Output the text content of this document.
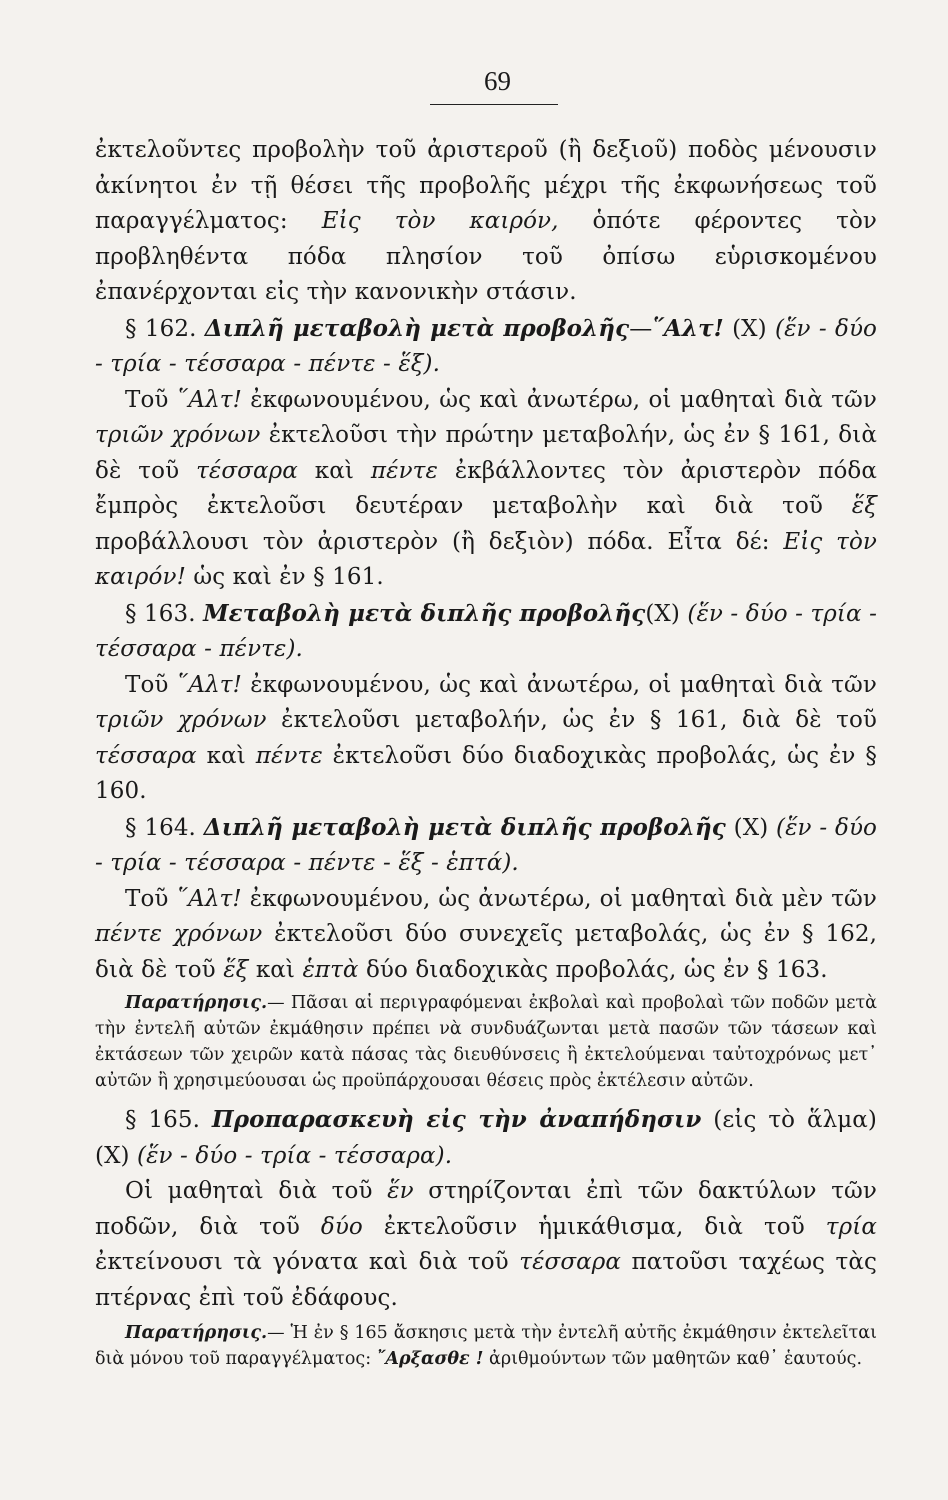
69

ἐκτελοῦντες προβολὴν τοῦ ἀριστεροῦ (ἢ δεξιοῦ) ποδὸς μένουσιν ἀκίνητοι ἐν τῇ θέσει τῆς προβολῆς μέχρι τῆς ἐκφωνήσεως τοῦ παραγγέλματος: Εἰς τὸν καιρόν, ὁπότε φέροντες τὸν προβληθέντα πόδα πλησίον τοῦ ὀπίσω εὑρισκομένου ἐπανέρχονται εἰς τὴν κανονικὴν στάσιν.

§ 162. Διπλῆ μεταβολὴ μετὰ προβολῆς—῞Αλτ! (X) (ἕν - δύο - τρία - τέσσαρα - πέντε - ἕξ).

Τοῦ ῞Αλτ! ἐκφωνουμένου, ὡς καὶ ἀνωτέρω, οἱ μαθηταὶ διὰ τῶν τριῶν χρόνων ἐκτελοῦσι τὴν πρώτην μεταβολήν, ὡς ἐν § 161, διὰ δὲ τοῦ τέσσαρα καὶ πέντε ἐκβάλλοντες τὸν ἀριστερὸν πόδα ἔμπρὸς ἐκτελοῦσι δευτέραν μεταβολὴν καὶ διὰ τοῦ ἕξ προβάλλουσι τὸν ἀριστερὸν (ἢ δεξιὸν) πόδα. Εἶτα δέ: Εἰς τὸν καιρόν! ὡς καὶ ἐν § 161.

§ 163. Μεταβολὴ μετὰ διπλῆς προβολῆς(X) (ἕν - δύο - τρία - τέσσαρα - πέντε).

Τοῦ ῞Αλτ! ἐκφωνουμένου, ὡς καὶ ἀνωτέρω, οἱ μαθηταὶ διὰ τῶν τριῶν χρόνων ἐκτελοῦσι μεταβολήν, ὡς ἐν § 161, διὰ δὲ τοῦ τέσσαρα καὶ πέντε ἐκτελοῦσι δύο διαδοχικὰς προβολάς, ὡς ἐν § 160.

§ 164. Διπλῆ μεταβολὴ μετὰ διπλῆς προβολῆς (X) (ἕν - δύο - τρία - τέσσαρα - πέντε - ἕξ - ἑπτά).

Τοῦ ῞Αλτ! ἐκφωνουμένου, ὡς ἀνωτέρω, οἱ μαθηταὶ διὰ μὲν τῶν πέντε χρόνων ἐκτελοῦσι δύο συνεχεῖς μεταβολάς, ὡς ἐν § 162, διὰ δὲ τοῦ ἕξ καὶ ἑπτὰ δύο διαδοχικὰς προβολάς, ὡς ἐν § 163.

Παρατήρησις.— Πᾶσαι αἱ περιγραφόμεναι ἐκβολαὶ καὶ προβολαὶ τῶν ποδῶν μετὰ τὴν ἐντελῆ αὐτῶν ἐκμάθησιν πρέπει νὰ συνδυάζωνται μετὰ πασῶν τῶν τάσεων καὶ ἐκτάσεων τῶν χειρῶν κατὰ πάσας τὰς διευθύνσεις ἢ ἐκτελούμεναι ταὐτοχρόνως μετ᾽ αὐτῶν ἢ χρησιμεύουσαι ὡς προϋπάρχουσαι θέσεις πρὸς ἐκτέλεσιν αὐτῶν.

§ 165. Προπαρασκευὴ εἰς τὴν ἀναπήδησιν (εἰς τὸ ἅλμα) (X) (ἕν - δύο - τρία - τέσσαρα).

Οἱ μαθηταὶ διὰ τοῦ ἕν στηρίζονται ἐπὶ τῶν δακτύλων τῶν ποδῶν, διὰ τοῦ δύο ἐκτελοῦσιν ἡμικάθισμα, διὰ τοῦ τρία ἐκτείνουσι τὰ γόνατα καὶ διὰ τοῦ τέσσαρα πατοῦσι ταχέως τὰς πτέρνας ἐπὶ τοῦ ἐδάφους.

Παρατήρησις.— Ἡ ἐν § 165 ἄσκησις μετὰ τὴν ἐντελῆ αὐτῆς ἐκμάθησιν ἐκτελεῖται διὰ μόνου τοῦ παραγγέλματος: ῎Αρξασθε ! ἀριθμούντων τῶν μαθητῶν καθ᾽ ἑαυτούς.
